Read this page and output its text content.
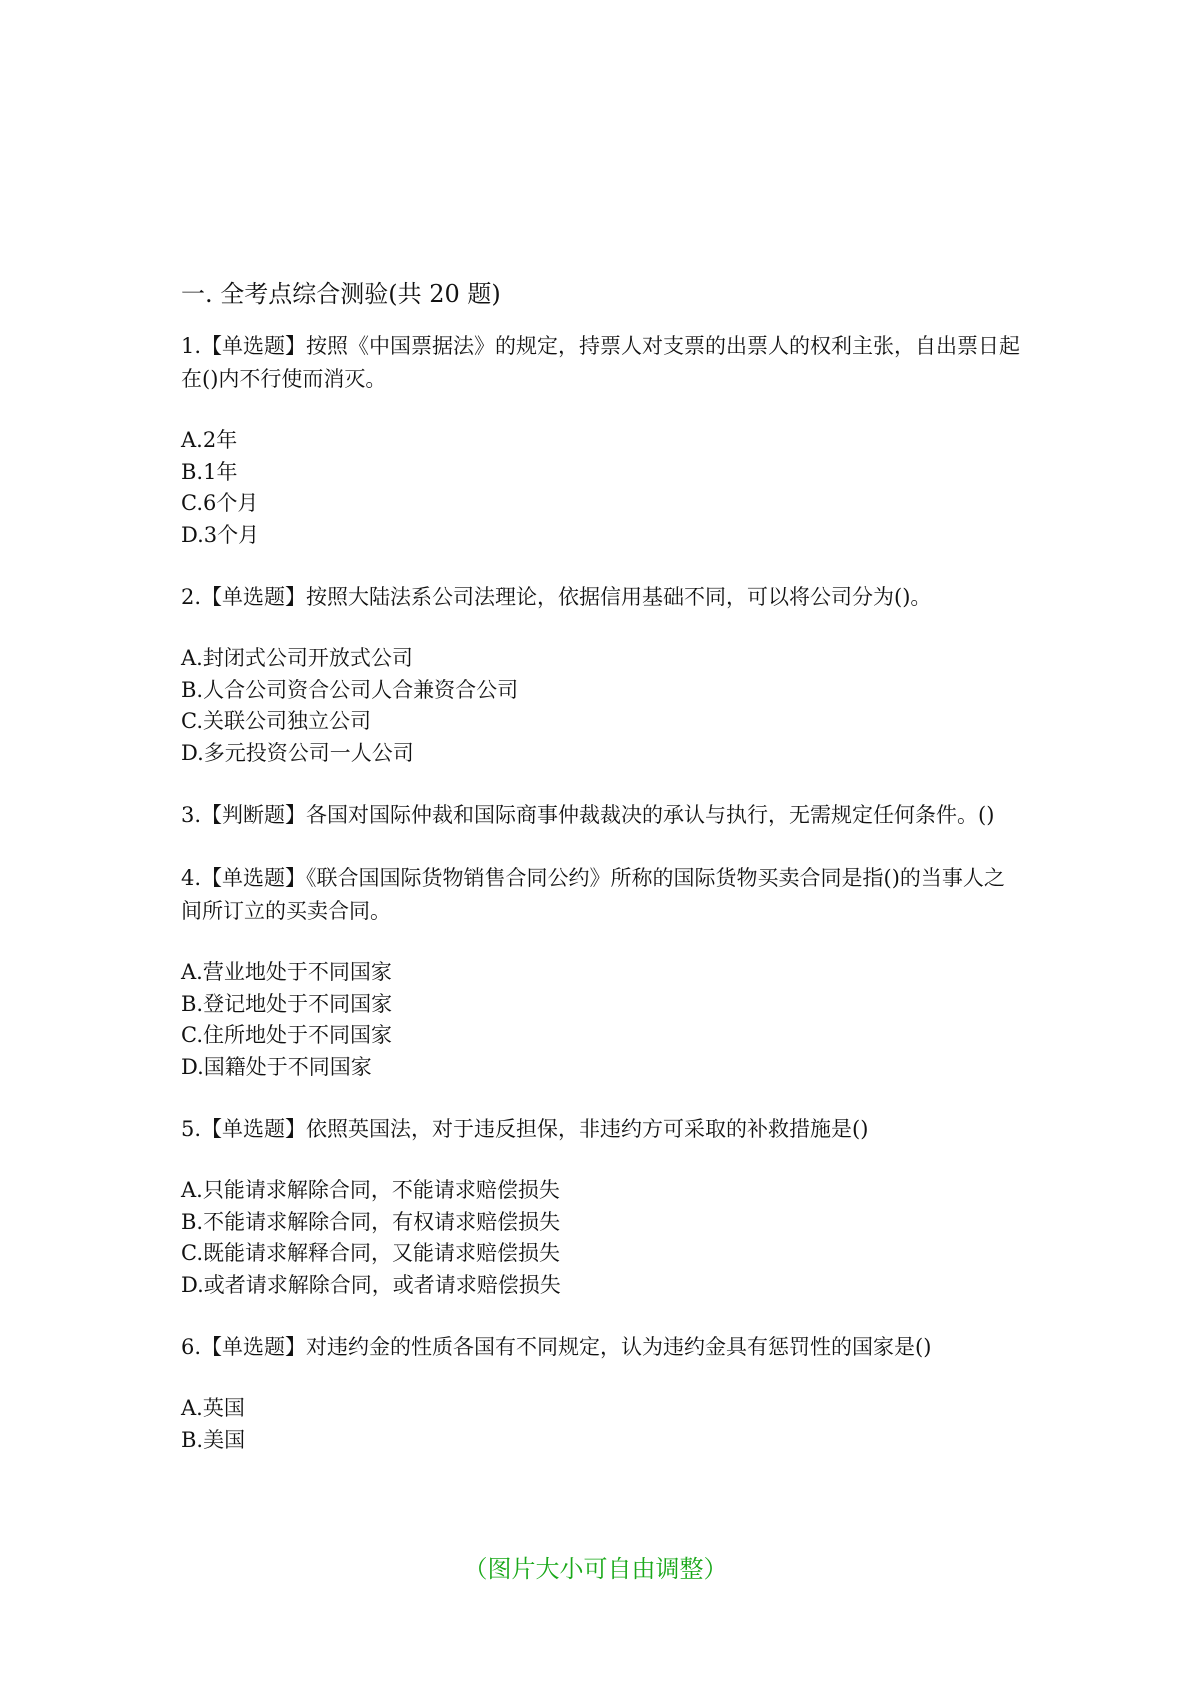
一. 全考点综合测验(共 20 题)

1.【单选题】按照《中国票据法》的规定，持票人对支票的出票人的权利主张，自出票日起在()内不行使而消灭。

A.2年
B.1年
C.6个月
D.3个月

2.【单选题】按照大陆法系公司法理论，依据信用基础不同，可以将公司分为()。

A.封闭式公司开放式公司
B.人合公司资合公司人合兼资合公司
C.关联公司独立公司
D.多元投资公司一人公司

3.【判断题】各国对国际仲裁和国际商事仲裁裁决的承认与执行，无需规定任何条件。()

4.【单选题】《联合国国际货物销售合同公约》所称的国际货物买卖合同是指()的当事人之间所订立的买卖合同。

A.营业地处于不同国家
B.登记地处于不同国家
C.住所地处于不同国家
D.国籍处于不同国家

5.【单选题】依照英国法，对于违反担保，非违约方可采取的补救措施是()

A.只能请求解除合同，不能请求赔偿损失
B.不能请求解除合同，有权请求赔偿损失
C.既能请求解释合同，又能请求赔偿损失
D.或者请求解除合同，或者请求赔偿损失

6.【单选题】对违约金的性质各国有不同规定，认为违约金具有惩罚性的国家是()

A.英国
B.美国
（图片大小可自由调整）
